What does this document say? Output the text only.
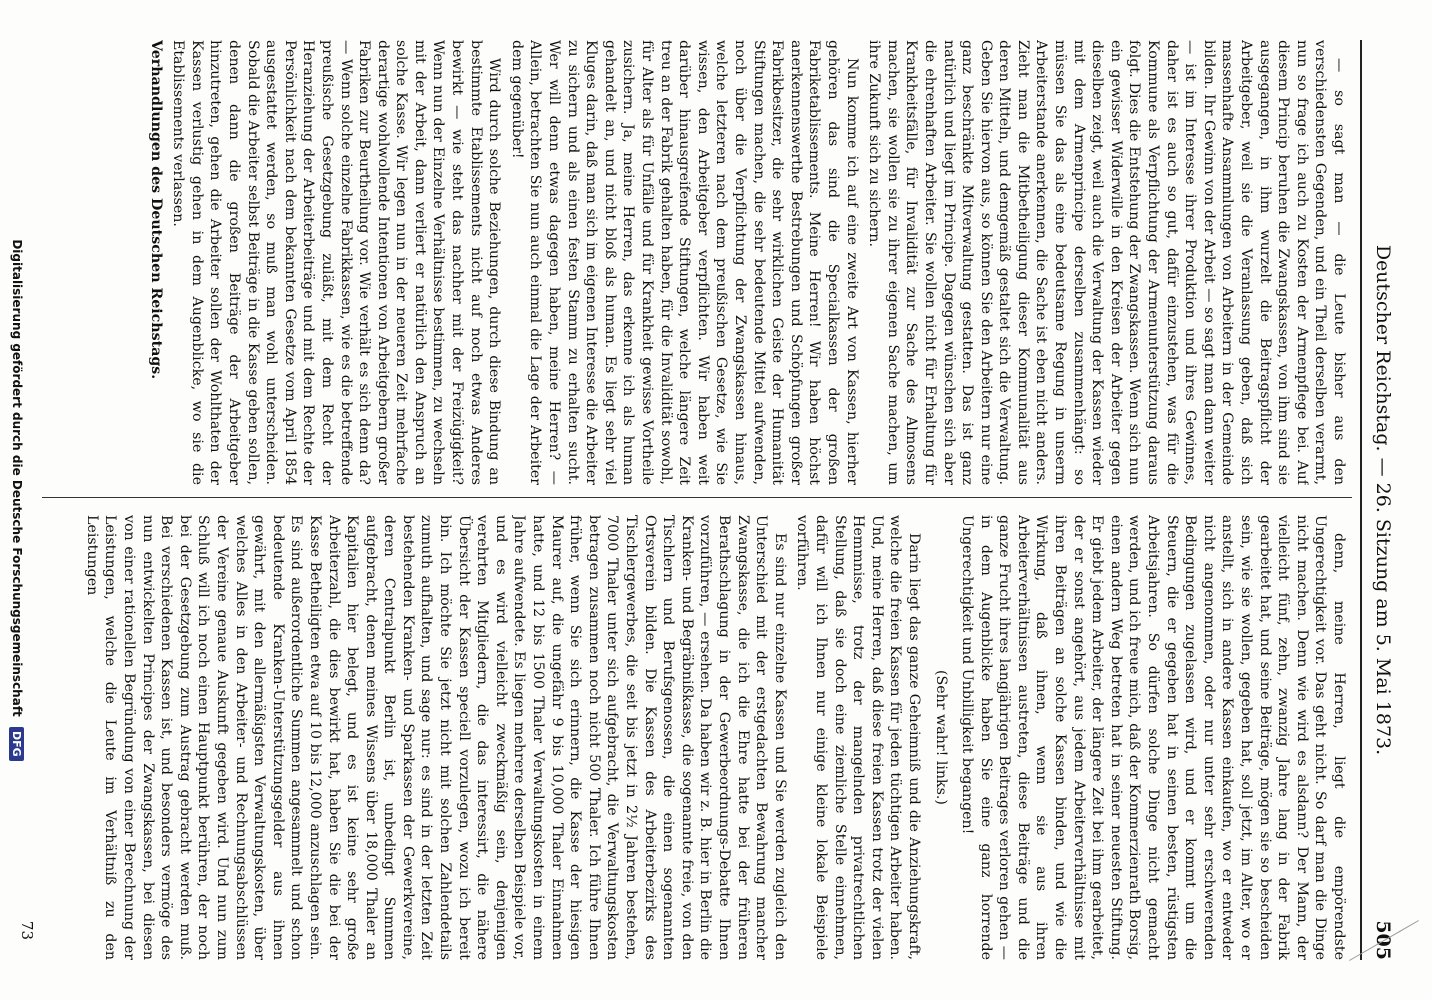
Deutscher Reichstag. — 26. Sitzung am 5. Mai 1873.
505

— so sagt man — die Leute bisher aus den verschiedensten Gegenden, und ein Theil derselben verarmt, nun so frage ich auch zu Kosten der Armenpflege bei. Auf diesem Princip beruhen die Zwangskassen, von ihm sind sie ausgegangen, in ihm wurzelt die Beitragspflicht der Arbeitgeber, weil sie die Veranlassung geben, daß sich massenhafte Ansammlungen von Arbeitern in der Gemeinde bilden. Ihr Gewinn von der Arbeit — so sagt man dann weiter — ist im Interesse ihrer Produktion und ihres Gewinnes, daher ist es auch so gut, dafür einzustehen, was für die Kommune als Verpflichtung der Armenunterstützung daraus folgt. Dies die Entstehung der Zwangskassen. Wenn sich nun ein gewisser Widerwille in den Kreisen der Arbeiter gegen dieselben zeigt, weil auch die Verwaltung der Kassen wieder mit dem Armenprincipe derselben zusammenhängt: so müssen Sie das als eine bedeutsame Regung in unserm Arbeiterstande anerkennen, die Sache ist eben nicht anders. Zieht man die Mitbetheiligung dieser Kommunalität aus deren Mitteln, und demgemäß gestaltet sich die Verwaltung. Geben Sie hiervon aus, so können Sie den Arbeitern nur eine ganz beschränkte Mitverwaltung gestatten. Das ist ganz natürlich und liegt im Principe. Dagegen wünschen sich aber die ehrenhaften Arbeiter. Sie wollen nicht für Erhaltung für Krankheitsfälle, für Invalidität zur Sache des Almosens machen, sie wollen sie zu ihrer eigenen Sache machen, um ihre Zukunft sich zu sichern.

Nun komme ich auf eine zweite Art von Kassen, hierher gehören das sind die Specialkassen der großen Fabriketablissements. Meine Herren! Wir haben höchst anerkennenswerthe Bestrebungen und Schöpfungen großer Fabrikbesitzer, die sehr wirklichen Geiste der Humanität Stiftungen machen, die sehr bedeutende Mittel aufwenden, noch über die Verpflichtung der Zwangskassen hinaus, welche letzteren nach dem preußischen Gesetze, wie Sie wissen, den Arbeitgeber verpflichten. Wir haben weit darüber hinausgreifende Stiftungen, welche längere Zeit treu an der Fabrik gehalten haben, für die Invalidität sowohl, für Alter als für Unfälle und für Krankheit gewisse Vortheile zusichern. Ja, meine Herren, das erkenne ich als human gehandelt an, und nicht bloß als human. Es liegt sehr viel Kluges darin, daß man sich im eigenen Interesse die Arbeiter zu sichern und als einen festen Stamm zu erhalten sucht. Wer will denn etwas dagegen haben, meine Herren? — Allein, betrachten Sie nun auch einmal die Lage der Arbeiter dem gegenüber!

Wird durch solche Beziehungen, durch diese Bindung an bestimmte Etablissements nicht auf noch etwas Anderes bewirkt — wie steht das nachher mit der Freizügigkeit? Wenn nun der Einzelne Verhältnisse bestimmen, zu wechseln mit der Arbeit, dann verliert er natürlich den Anspruch an solche Kasse. Wir legen nun in der neueren Zeit mehrfache derartige wohlwollende Intentionen von Arbeitgebern großer Fabriken zur Beurtheilung vor. Wie verhält es sich denn da? — Wenn solche einzelne Fabrikkassen, wie es die betreffende preußische Gesetzgebung zuläßt, mit dem Recht der Heranziehung der Arbeiterbeiträge und mit dem Rechte der Persönlichkeit nach dem bekannten Gesetze vom April 1854 ausgestattet werden, so muß man wohl unterscheiden. Sobald die Arbeiter selbst Beiträge in die Kasse geben sollen, denen dann die großen Beiträge der Arbeitgeber hinzutreten, gehen die Arbeiter sollen der Wohlthaten der Kassen verlustig gehen in dem Augenblicke, wo sie die Etablissements verlassen.

Verhandlungen des Deutschen Reichstags.

denn, meine Herren, liegt die empörendste Ungerechtigkeit vor. Das geht nicht. So darf man die Dinge nicht machen. Denn wie wird es alsdann? Der Mann, der vielleicht fünf, zehn, zwanzig Jahre lang in der Fabrik gearbeitet hat, und seine Beiträge, mögen sie so bescheiden sein, wie sie wollen, gegeben hat, soll jetzt, im Alter, wo er anstellt, sich in andere Kassen einkaufen, wo er entweder nicht angenommen, oder nur unter sehr erschwerenden Bedingungen zugelassen wird, und er kommt um die Steuern, die er gegeben hat in seinen besten, rüstigsten Arbeitsjahren. So dürfen solche Dinge nicht gemacht werden, und ich freue mich, daß der Kommerzienrath Borsig, einen andern Weg betreten hat in seiner neuesten Stiftung. Er giebt jedem Arbeiter, der längere Zeit bei ihm gearbeitet, der er sonst angehört, aus jedem Arbeiterverhältnisse mit ihren Beiträgen an solche Kassen binden, und wie die Wirkung, daß ihnen, wenn sie aus ihren Arbeiterverhältnissen austreten, diese Beiträge und die ganze Frucht ihres langjährigen Beitrages verloren gehen — in dem Augenblicke haben Sie eine ganz horrende Ungerechtigkeit und Unbilligkeit begangen!

(Sehr wahr! links.)

Darin liegt das ganze Geheimniß und die Anziehungskraft, welche die freien Kassen für jeden tüchtigen Arbeiter haben. Und, meine Herren, daß diese freien Kassen trotz der vielen Hemmnisse, trotz der mangelnden privatrechtlichen Stellung, daß sie doch eine ziemliche Stelle einnehmen, dafür will ich Ihnen nur einige kleine lokale Beispiele vorführen.

Es sind nur einzelne Kassen und Sie werden zugleich den Unterschied mit der erstgedachten Bewahrung mancher Zwangskasse, die ich die Ehre hatte bei der früheren Berathschlagung in der Gewerbeordnungs-Debatte Ihnen vorzuführen, — ersehen. Da haben wir z. B. hier in Berlin die Kranken- und Begräbnißkasse, die sogenannte freie, von den Tischlern und Berufsgenossen, die einen sogenannten Ortsverein bilden. Die Kassen des Arbeiterbezirks des Tischlergewerbes, die seit bis jetzt in 2½ Jahren bestehen, 7000 Thaler unter sich aufgebracht, die Verwaltungskosten betragen zusammen noch nicht 500 Thaler. Ich führe Ihnen früher, wenn Sie sich erinnern, die Kasse der hiesigen Maurer auf, die ungefähr 9 bis 10,000 Thaler Einnahmen hatte, und 12 bis 1500 Thaler Verwaltungskosten in einem Jahre aufwendete. Es liegen mehrere derselben Beispiele vor, und es wird vielleicht zweckmäßig sein, denjenigen verehrten Mitgliedern, die das interessirt, die nähere Übersicht der Kassen speciell vorzulegen, wozu ich bereit bin. Ich möchte Sie jetzt nicht mit solchen Zahlendetails zumuth aufhalten, und sage nur: es sind in der letzten Zeit bestehenden Kranken- und Sparkassen der Gewerkvereine, deren Centralpunkt Berlin ist, unbedingt Summen aufgebracht, denen meines Wissens über 18,000 Thaler an Kapitalien hier belegt, und es ist keine sehr große Arbeiterzahl, die dies bewirkt hat, haben Sie die bei der Kasse Betheiligten etwa auf 10 bis 12,000 anzuschlagen sein. Es sind außerordentliche Summen angesammelt und schon bedeutende Kranken-Unterstützungsgelder aus ihnen gewährt, mit den allermäßigsten Verwaltungskosten, über welches Alles in den Arbeiter- und Rechnungsabschlüssen der Vereine genaue Auskunft gegeben wird. Und nun zum Schluß will ich noch einen Hauptpunkt berühren, der noch bei der Gesetzgebung zum Austrag gebracht werden muß. Bei verschiedenen Kassen ist, und besonders vermöge des nun entwickelten Principes der Zwangskassen, bei diesen von einer rationellen Begründung von einer Berechnung der Leistungen, welche die Leute im Verhältniß zu den Leistungen

73
Digitalisierung gefördert durch die Deutsche Forschungsgemeinschaft DFG
